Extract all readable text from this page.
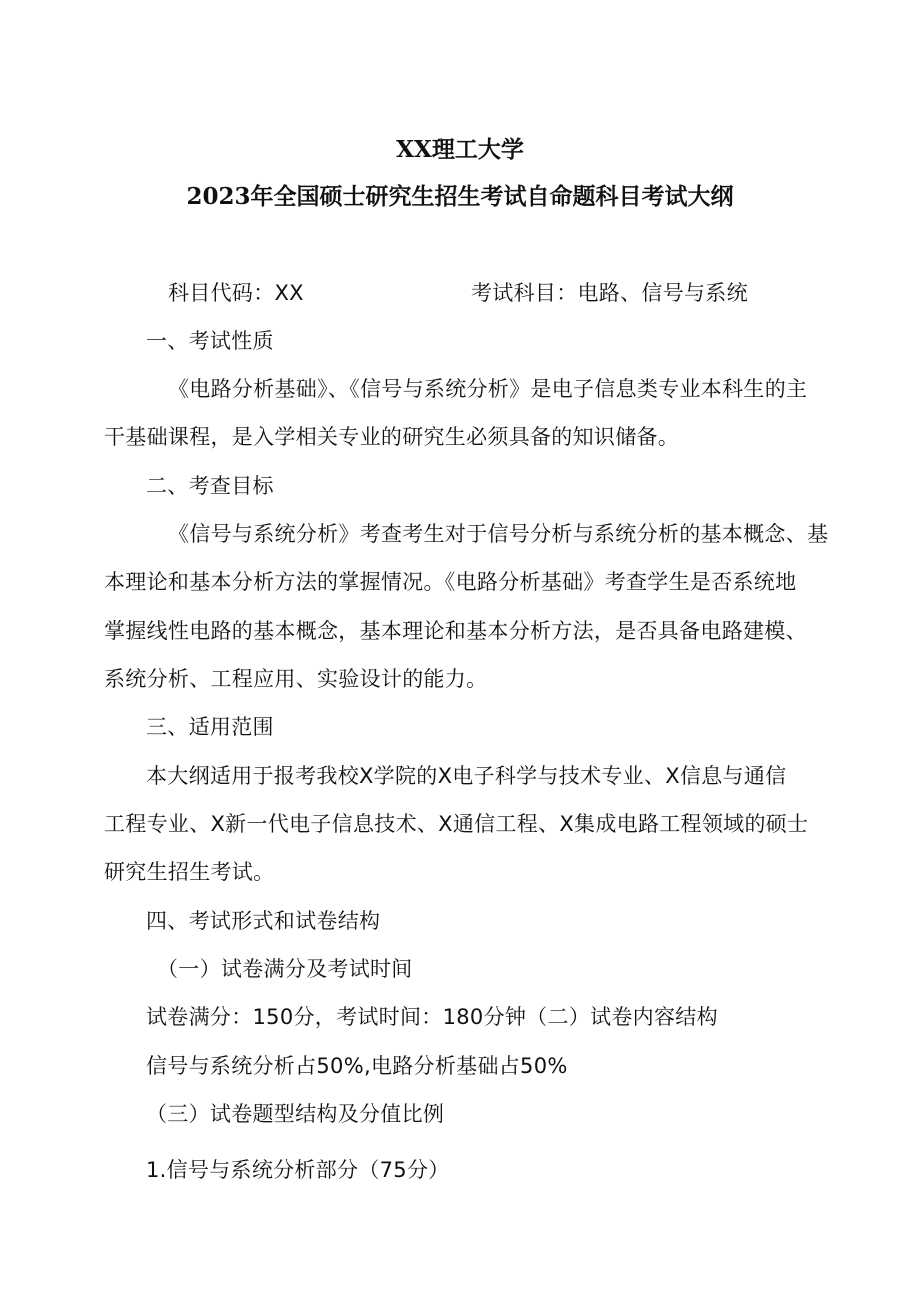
XX理工大学
2023年全国硕士研究生招生考试自命题科目考试大纲
科目代码：XX	考试科目：电路、信号与系统
一、考试性质
《电路分析基础》、《信号与系统分析》是电子信息类专业本科生的主
干基础课程，是入学相关专业的研究生必须具备的知识储备。
二、考查目标
《信号与系统分析》考查考生对于信号分析与系统分析的基本概念、基
本理论和基本分析方法的掌握情况。《电路分析基础》考查学生是否系统地
掌握线性电路的基本概念，基本理论和基本分析方法，是否具备电路建模、
系统分析、工程应用、实验设计的能力。
三、适用范围
本大纲适用于报考我校X学院的X电子科学与技术专业、X信息与通信
工程专业、X新一代电子信息技术、X通信工程、X集成电路工程领域的硕士
研究生招生考试。
四、考试形式和试卷结构
（一）试卷满分及考试时间
试卷满分：150分，考试时间：180分钟（二）试卷内容结构
信号与系统分析占50%,电路分析基础占50%
（三）试卷题型结构及分值比例
1.信号与系统分析部分（75分）
